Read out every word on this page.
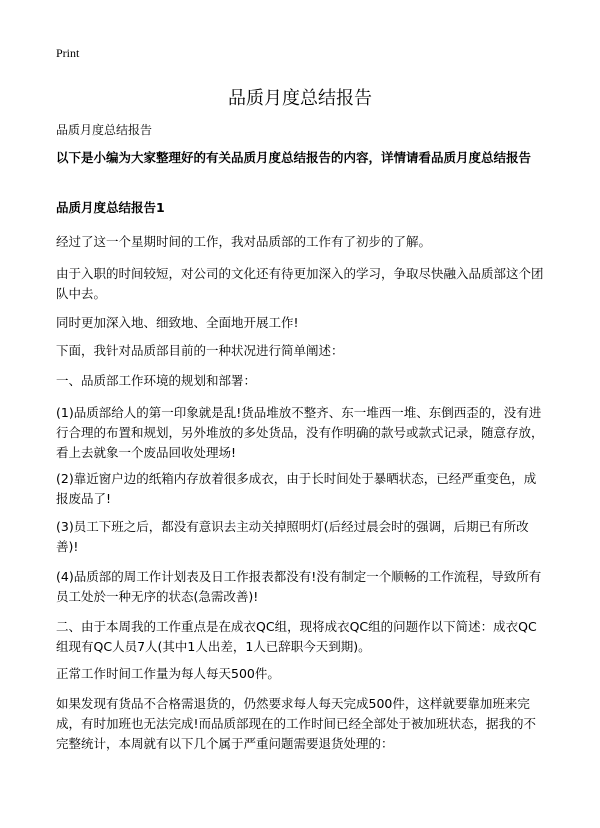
Print
品质月度总结报告

品质月度总结报告

以下是小编为大家整理好的有关品质月度总结报告的内容，详情请看品质月度总结报告

品质月度总结报告1

经过了这一个星期时间的工作，我对品质部的工作有了初步的了解。

由于入职的时间较短，对公司的文化还有待更加深入的学习，争取尽快融入品质部这个团队中去。

同时更加深入地、细致地、全面地开展工作!

下面，我针对品质部目前的一种状况进行简单阐述：

一、品质部工作环境的规划和部署：

(1)品质部给人的第一印象就是乱!货品堆放不整齐、东一堆西一堆、东倒西歪的，没有进行合理的布置和规划，另外堆放的多处货品，没有作明确的款号或款式记录，随意存放，看上去就象一个废品回收处理场!

(2)靠近窗户边的纸箱内存放着很多成衣，由于长时间处于暴晒状态，已经严重变色，成报废品了!

(3)员工下班之后，都没有意识去主动关掉照明灯(后经过晨会时的强调，后期已有所改善)!

(4)品质部的周工作计划表及日工作报表都没有!没有制定一个顺畅的工作流程，导致所有员工处於一种无序的状态(急需改善)!

二、由于本周我的工作重点是在成衣QC组，现将成衣QC组的问题作以下简述：成衣QC组现有QC人员7人(其中1人出差，1人已辞职今天到期)。

正常工作时间工作量为每人每天500件。

如果发现有货品不合格需退货的，仍然要求每人每天完成500件，这样就要靠加班来完成，有时加班也无法完成!而品质部现在的工作时间已经全部处于被加班状态，据我的不完整统计，本周就有以下几个属于严重问题需要退货处理的：
